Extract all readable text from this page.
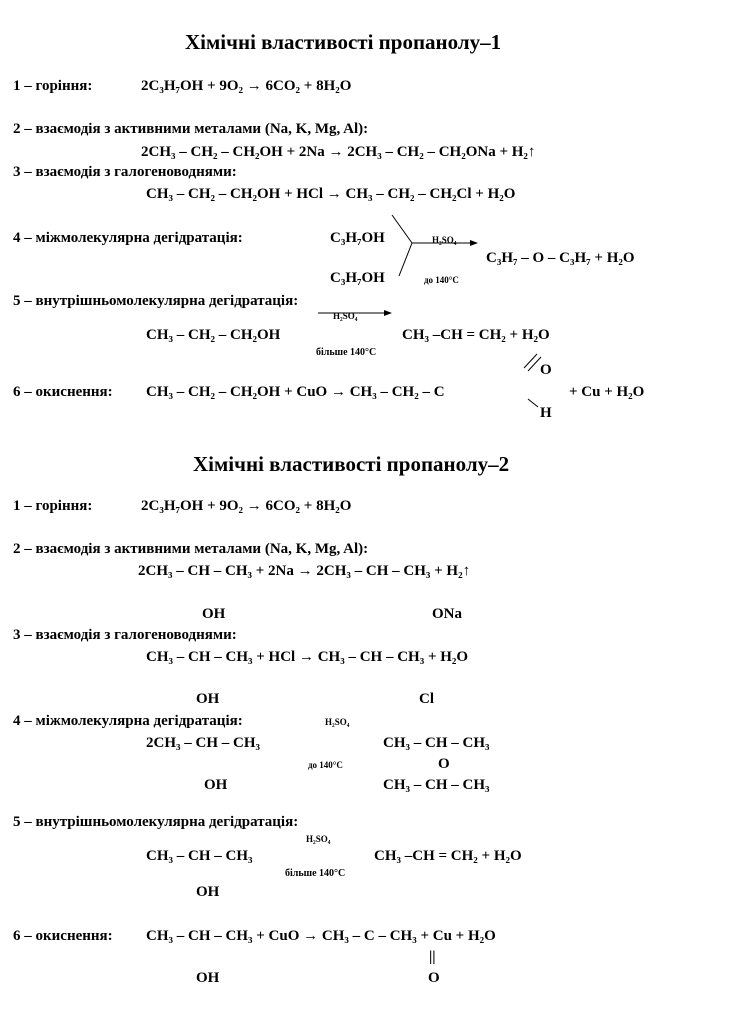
Хімічні властивості пропанолу–1
1 – горіння:	2C₃H₇OH + 9O₂ → 6CO₂ + 8H₂O
2 – взаємодія з активними металами (Na, K, Mg, Al):
2CH₃ – CH₂ – CH₂OH + 2Na → 2CH₃ – CH₂ – CH₂ONa + H₂↑
3 – взаємодія з галогеноводнями:
CH₃ – CH₂ – CH₂OH + HCl → CH₃ – CH₂ – CH₂Cl + H₂O
4 – міжмолекулярна дегідратація:	C₃H₇OH
C₃H₇OH
H₂SO₄
до 140°C
C₃H₇ – O – C₃H₇ + H₂O
5 – внутрішньомолекулярна дегідратація:
H₂SO₄
CH₃ – CH₂ – CH₂OH	CH₃ –CH = CH₂ + H₂O
більше 140°C
O
6 – окиснення: CH₃ – CH₂ – CH₂OH + CuO → CH₃ – CH₂ – C	+ Cu + H₂O
H
Хімічні властивості пропанолу–2
1 – горіння:	2C₃H₇OH + 9O₂ → 6CO₂ + 8H₂O
2 – взаємодія з активними металами (Na, K, Mg, Al):
2CH₃ – CH – CH₃ + 2Na → 2CH₃ – CH – CH₃ + H₂↑
OH	ONa
3 – взаємодія з галогеноводнями:
CH₃ – CH – CH₃ + HCl → CH₃ – CH – CH₃ + H₂O
OH	Cl
4 – міжмолекулярна дегідратація:	H₂SO₄
2CH₃ – CH – CH₃	CH₃ – CH – CH₃
до 140°C	O
OH	CH₃ – CH – CH₃
5 – внутрішньомолекулярна дегідратація:
H₂SO₄
CH₃ – CH – CH₃	CH₃ –CH = CH₂ + H₂O
більше 140°C
OH
6 – окиснення: CH₃ – CH – CH₃ + CuO → CH₃ – C – CH₃ + Cu + H₂O
||
OH	O
